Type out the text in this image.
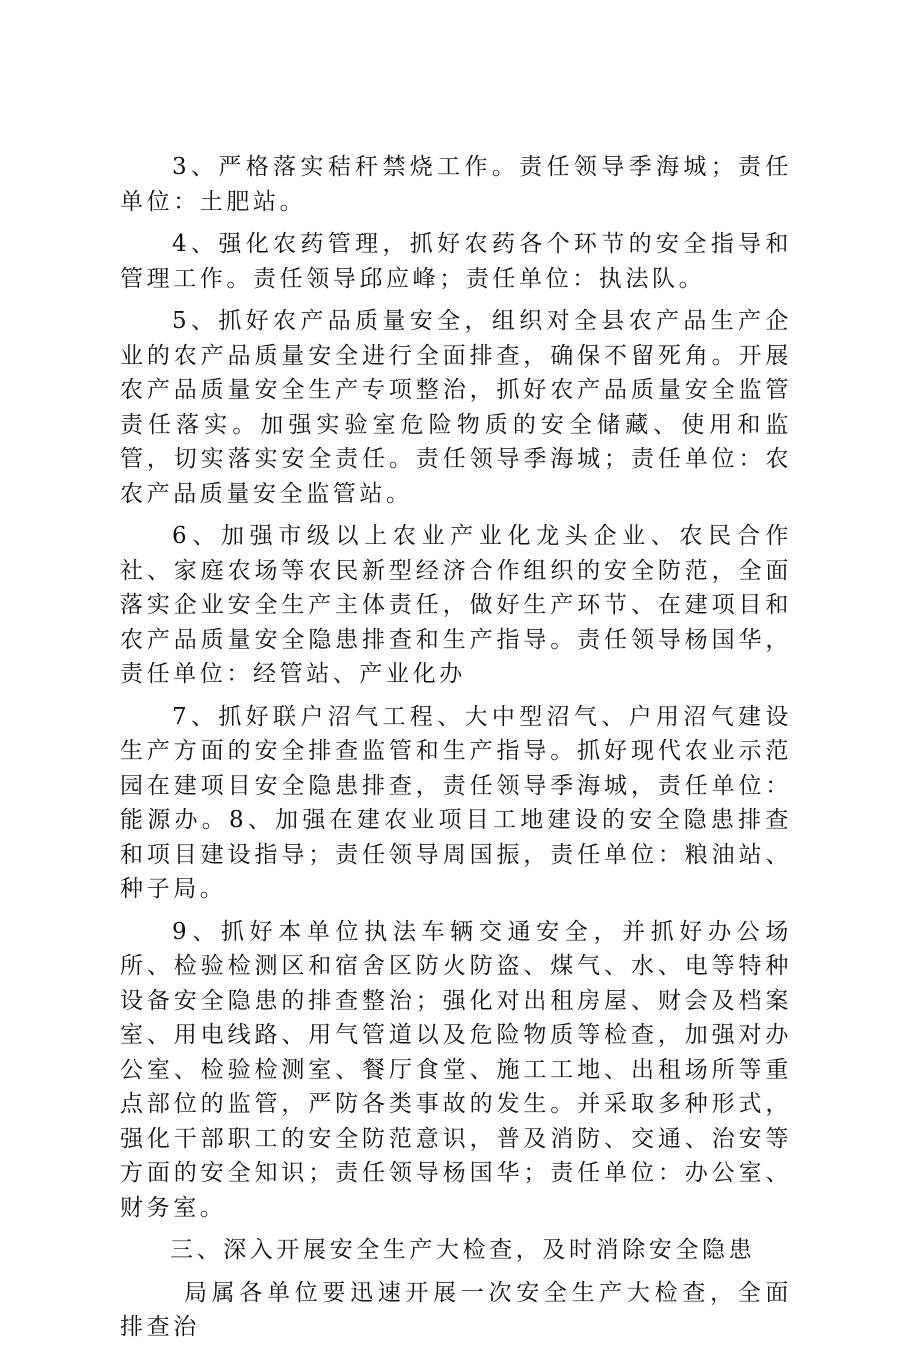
3、严格落实秸秆禁烧工作。责任领导季海城；责任单位：土肥站。

4、强化农药管理，抓好农药各个环节的安全指导和管理工作。责任领导邱应峰；责任单位：执法队。

5、抓好农产品质量安全，组织对全县农产品生产企业的农产品质量安全进行全面排查，确保不留死角。开展农产品质量安全生产专项整治，抓好农产品质量安全监管责任落实。加强实验室危险物质的安全储藏、使用和监管，切实落实安全责任。责任领导季海城；责任单位：农农产品质量安全监管站。

6、加强市级以上农业产业化龙头企业、农民合作社、家庭农场等农民新型经济合作组织的安全防范，全面落实企业安全生产主体责任，做好生产环节、在建项目和农产品质量安全隐患排查和生产指导。责任领导杨国华，责任单位：经管站、产业化办

7、抓好联户沼气工程、大中型沼气、户用沼气建设生产方面的安全排查监管和生产指导。抓好现代农业示范园在建项目安全隐患排查，责任领导季海城，责任单位：能源办。8、加强在建农业项目工地建设的安全隐患排查和项目建设指导；责任领导周国振，责任单位：粮油站、种子局。

9、抓好本单位执法车辆交通安全，并抓好办公场所、检验检测区和宿舍区防火防盗、煤气、水、电等特种设备安全隐患的排查整治；强化对出租房屋、财会及档案室、用电线路、用气管道以及危险物质等检查，加强对办公室、检验检测室、餐厅食堂、施工工地、出租场所等重点部位的监管，严防各类事故的发生。并采取多种形式，强化干部职工的安全防范意识，普及消防、交通、治安等方面的安全知识；责任领导杨国华；责任单位：办公室、财务室。

三、深入开展安全生产大检查，及时消除安全隐患

局属各单位要迅速开展一次安全生产大检查，全面排查治
